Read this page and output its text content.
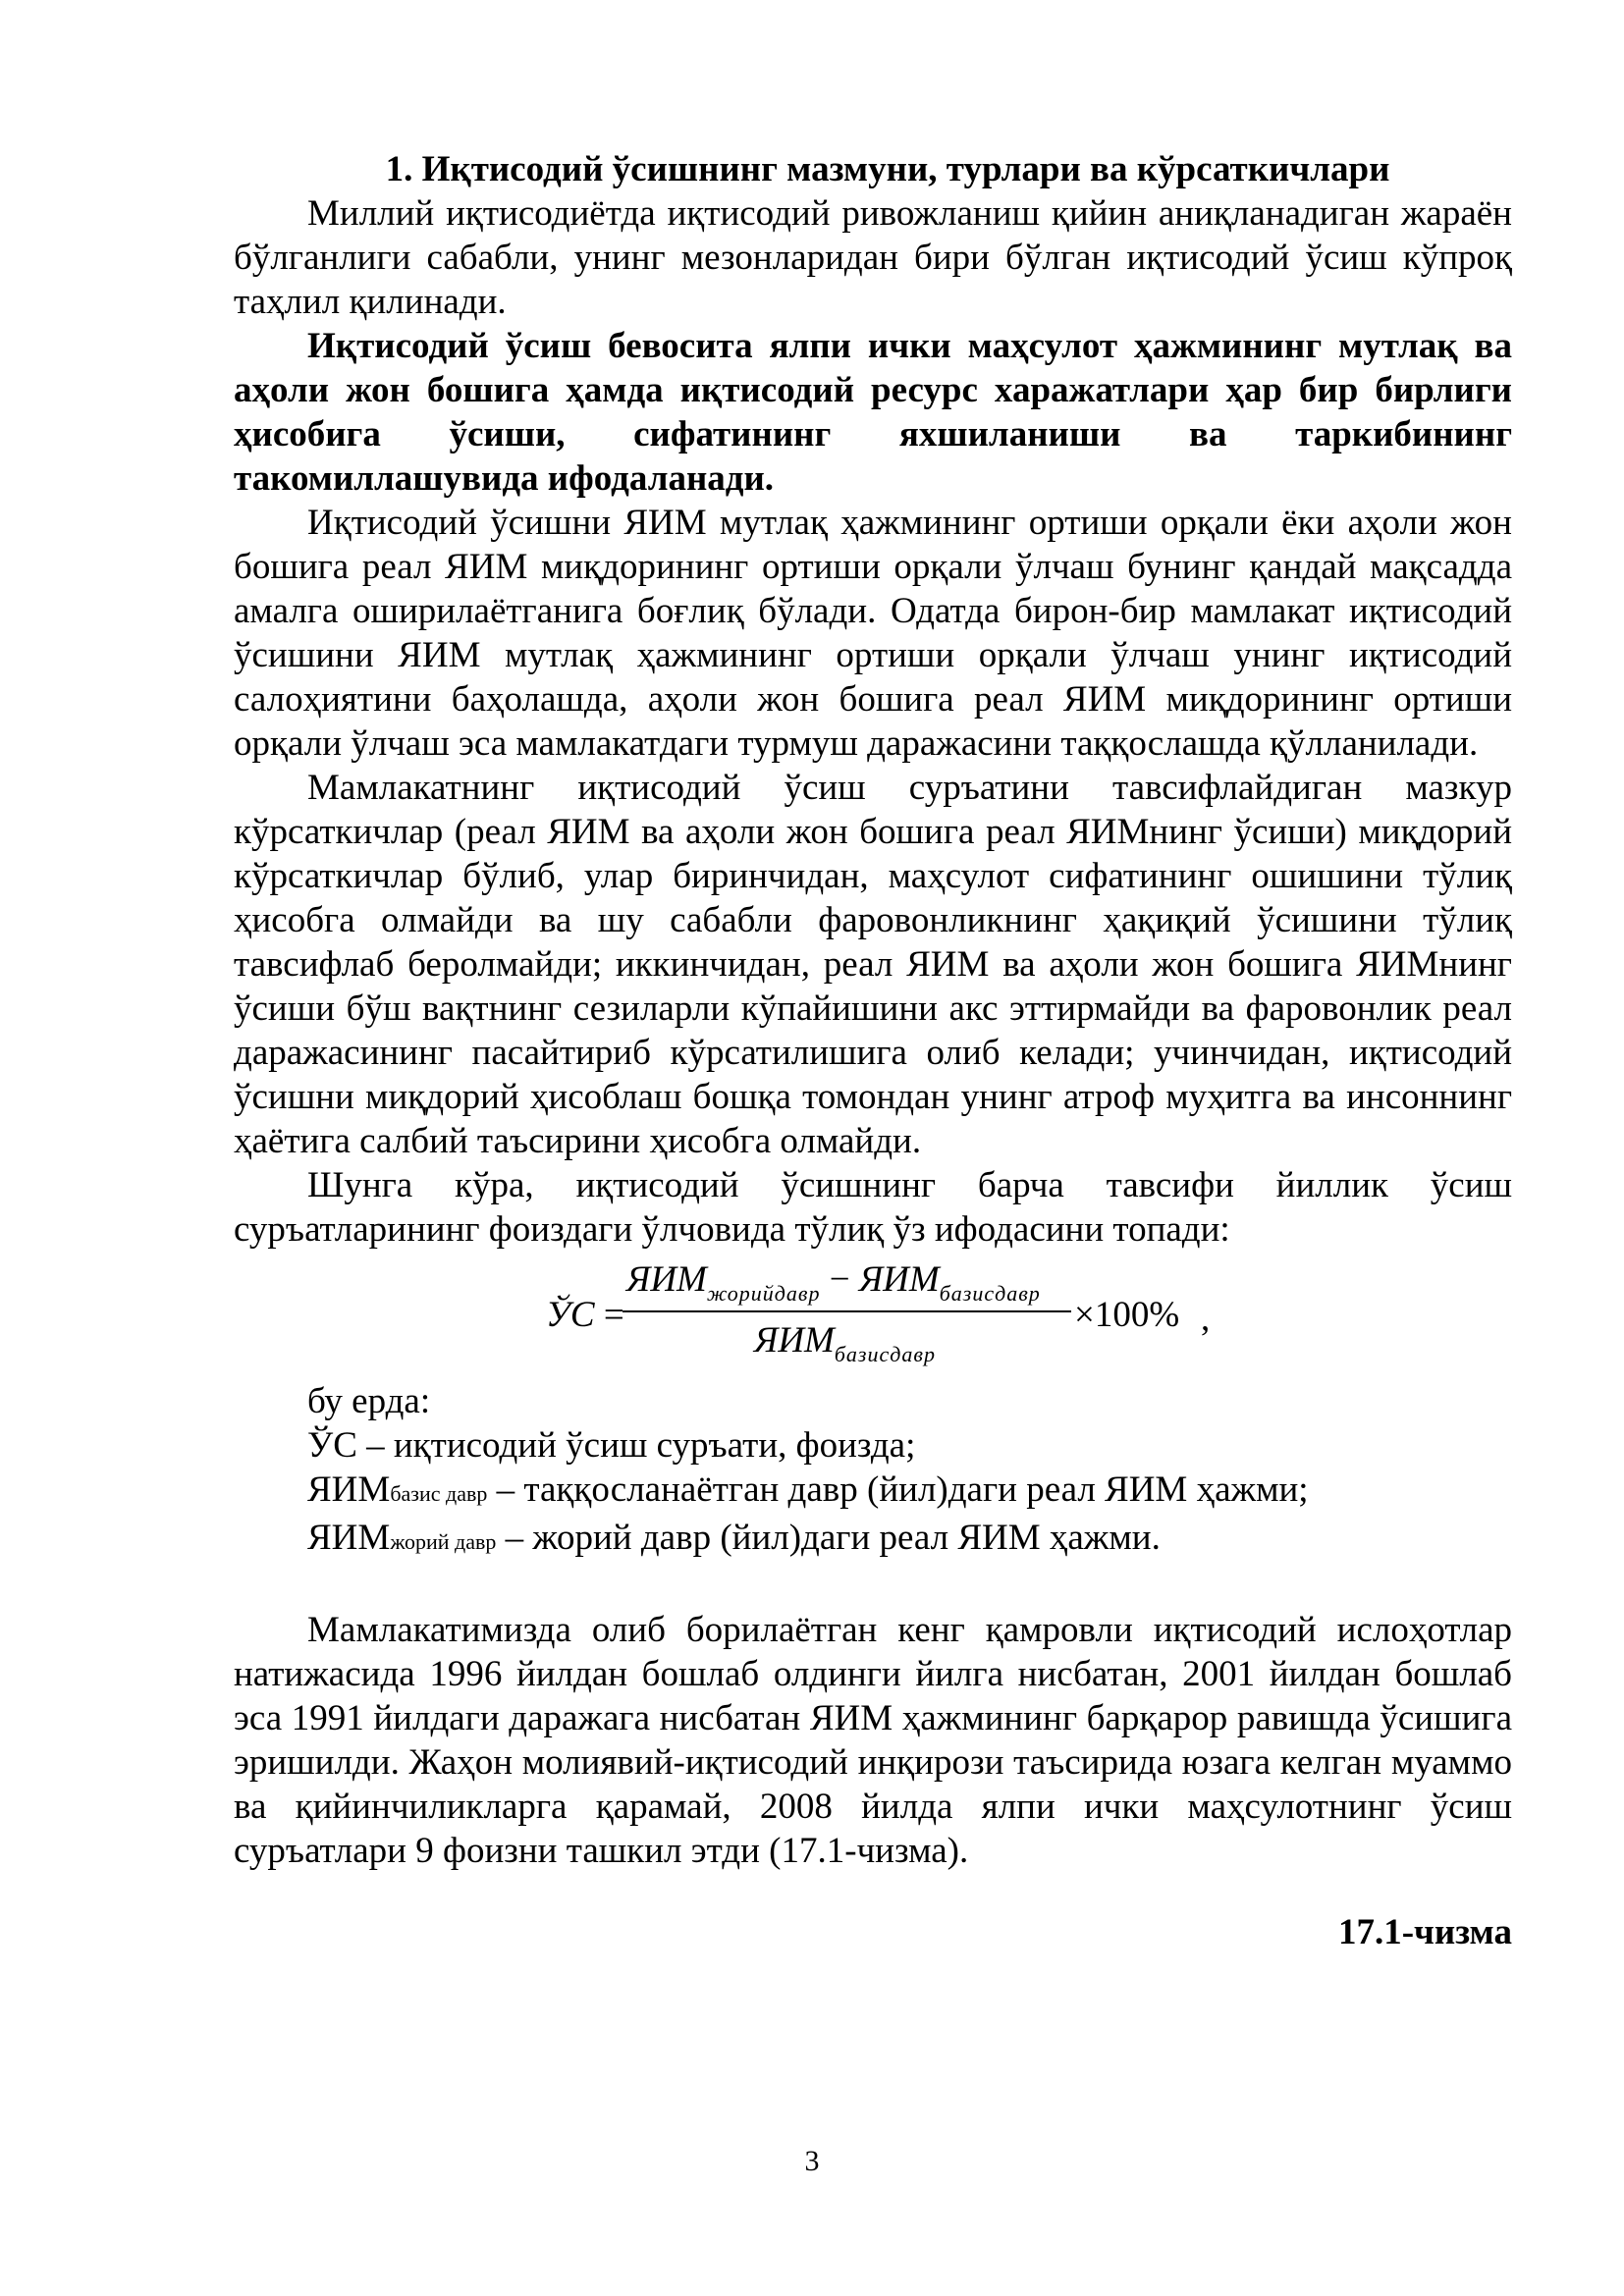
1. Иқтисодий ўсишнинг мазмуни, турлари ва кўрсаткичлари

Миллий иқтисодиётда иқтисодий ривожланиш қийин аниқланадиган жараён бўлганлиги сабабли, унинг мезонларидан бири бўлган иқтисодий ўсиш кўпроқ таҳлил қилинади.

Иқтисодий ўсиш бевосита ялпи ички маҳсулот ҳажмининг мутлақ ва аҳоли жон бошига ҳамда иқтисодий ресурс харажатлари ҳар бир бирлиги ҳисобига ўсиши, сифатининг яхшиланиши ва таркибининг такомиллашувида ифодаланади.

Иқтисодий ўсишни ЯИМ мутлақ ҳажмининг ортиши орқали ёки аҳоли жон бошига реал ЯИМ миқдорининг ортиши орқали ўлчаш бунинг қандай мақсадда амалга оширилаётганига боғлиқ бўлади. Одатда бирон-бир мамлакат иқтисодий ўсишини ЯИМ мутлақ ҳажмининг ортиши орқали ўлчаш унинг иқтисодий салоҳиятини баҳолашда, аҳоли жон бошига реал ЯИМ миқдорининг ортиши орқали ўлчаш эса мамлакатдаги турмуш даражасини таққослашда қўлланилади.

Мамлакатнинг иқтисодий ўсиш суръатини тавсифлайдиган мазкур кўрсаткичлар (реал ЯИМ ва аҳоли жон бошига реал ЯИМнинг ўсиши) миқдорий кўрсаткичлар бўлиб, улар биринчидан, маҳсулот сифатининг ошишини тўлиқ ҳисобга олмайди ва шу сабабли фаровонликнинг ҳақиқий ўсишини тўлиқ тавсифлаб беролмайди; иккинчидан, реал ЯИМ ва аҳоли жон бошига ЯИМнинг ўсиши бўш вақтнинг сезиларли кўпайишини акс эттирмайди ва фаровонлик реал даражасининг пасайтириб кўрсатилишига олиб келади; учинчидан, иқтисодий ўсишни миқдорий ҳисоблаш бошқа томондан унинг атроф муҳитга ва инсоннинг ҳаётига салбий таъсирини ҳисобга олмайди.

Шунга кўра, иқтисодий ўсишнинг барча тавсифи йиллик ўсиш суръатларининг фоиздаги ўлчовида тўлиқ ўз ифодасини топади:

ЎС =
$ЯИМ_{жорийдавр} - ЯИМ_{базисдавр}$
$ЯИМ_{базисдавр}$
×100% ,
бу ерда:
ЎС – иқтисодий ўсиш суръати, фоизда;
ЯИМбазис давр – таққосланаётган давр (йил)даги реал ЯИМ ҳажми;
ЯИМжорий давр – жорий давр (йил)даги реал ЯИМ ҳажми.

Мамлакатимизда олиб борилаётган кенг қамровли иқтисодий ислоҳотлар натижасида 1996 йилдан бошлаб олдинги йилга нисбатан, 2001 йилдан бошлаб эса 1991 йилдаги даражага нисбатан ЯИМ ҳажмининг барқарор равишда ўсишига эришилди. Жаҳон молиявий-иқтисодий инқирози таъсирида юзага келган муаммо ва қийинчиликларга қарамай, 2008 йилда ялпи ички маҳсулотнинг ўсиш суръатлари 9 фоизни ташкил этди (17.1-чизма).

17.1-чизма
3
